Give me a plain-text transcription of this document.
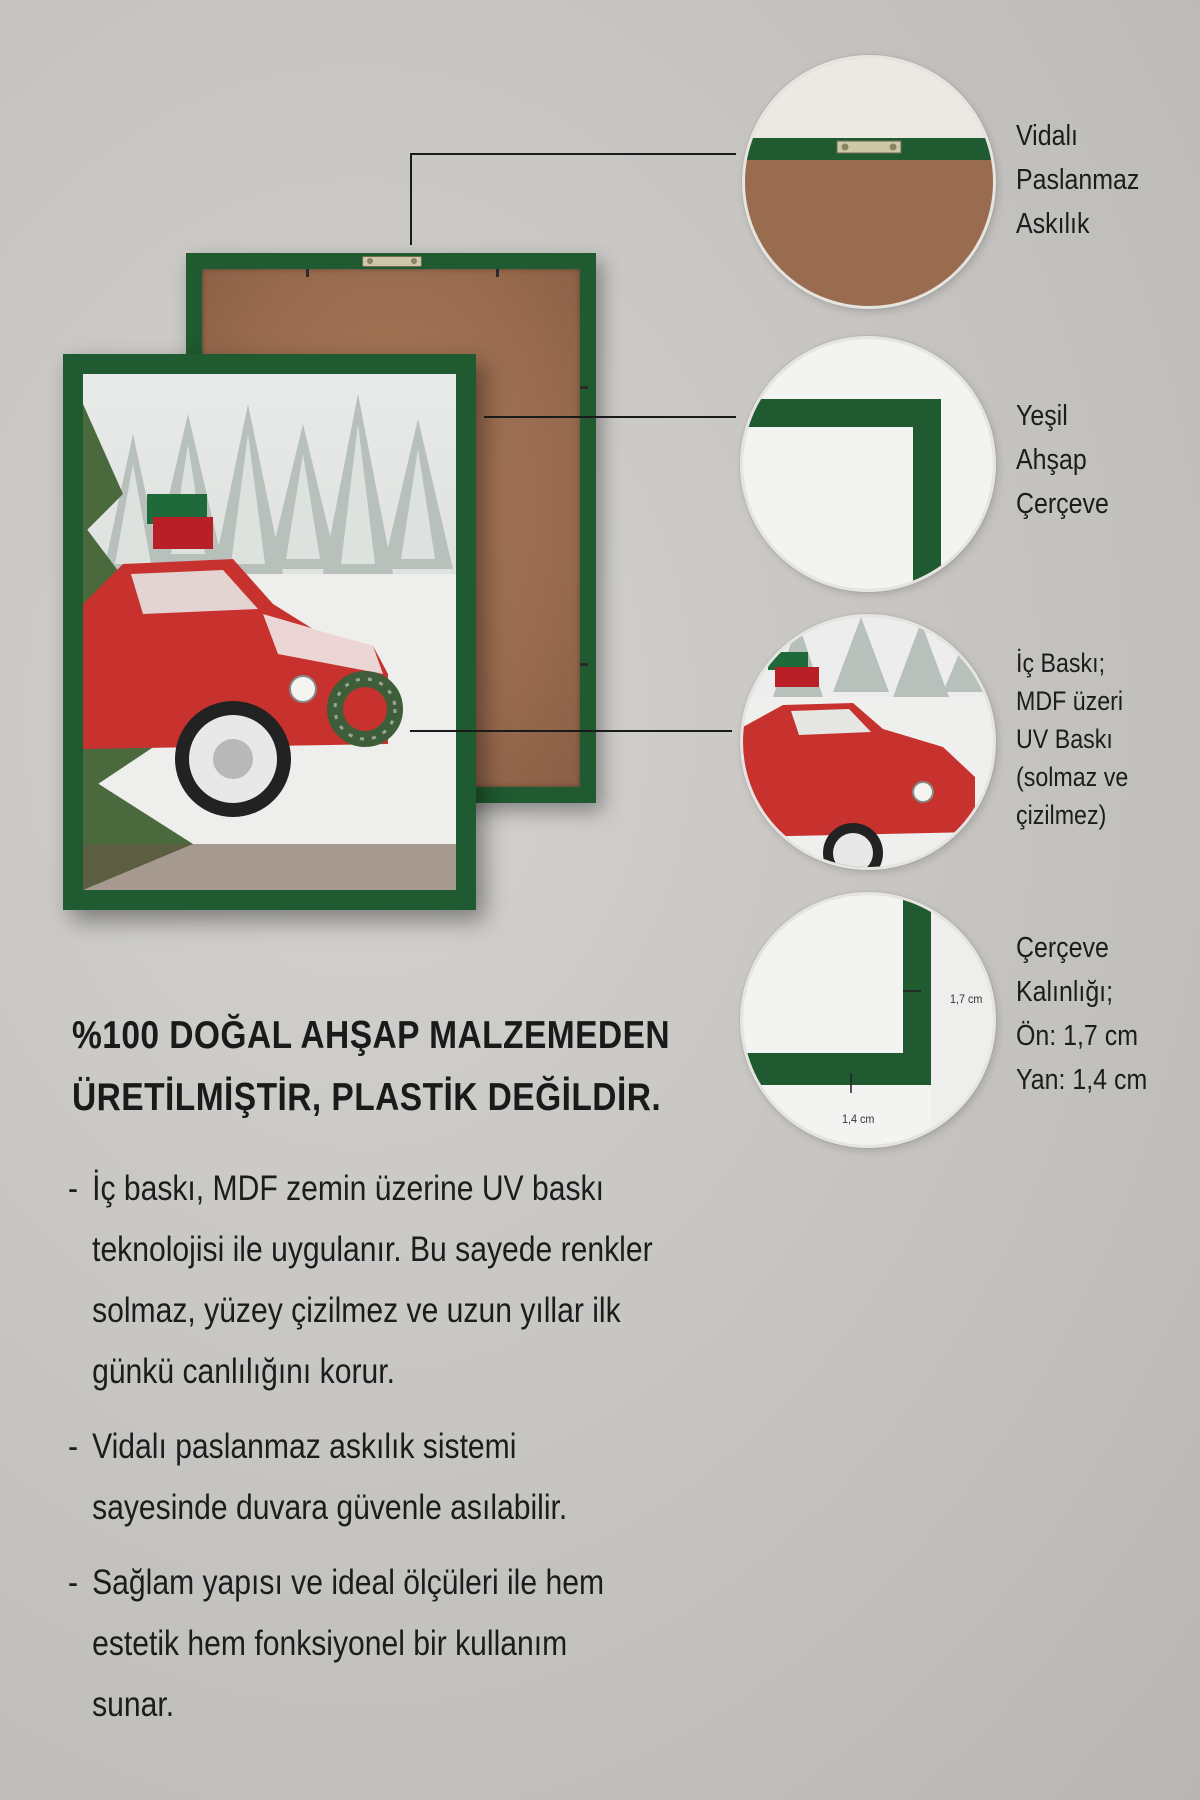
Vidalı
Paslanmaz
Askılık
Yeşil
Ahşap
Çerçeve
İç Baskı;
MDF üzeri
UV Baskı
(solmaz ve
çizilmez)
1,7 cm
1,4 cm
Çerçeve
Kalınlığı;
Ön: 1,7 cm
Yan: 1,4 cm
%100 DOĞAL AHŞAP MALZEMEDEN
ÜRETİLMİŞTİR, PLASTİK DEĞİLDİR.
- İç baskı, MDF zemin üzerine UV baskı
teknolojisi ile uygulanır. Bu sayede renkler
solmaz, yüzey çizilmez ve uzun yıllar ilk
günkü canlılığını korur.
- Vidalı paslanmaz askılık sistemi
sayesinde duvara güvenle asılabilir.
- Sağlam yapısı ve ideal ölçüleri ile hem
estetik hem fonksiyonel bir kullanım
sunar.
